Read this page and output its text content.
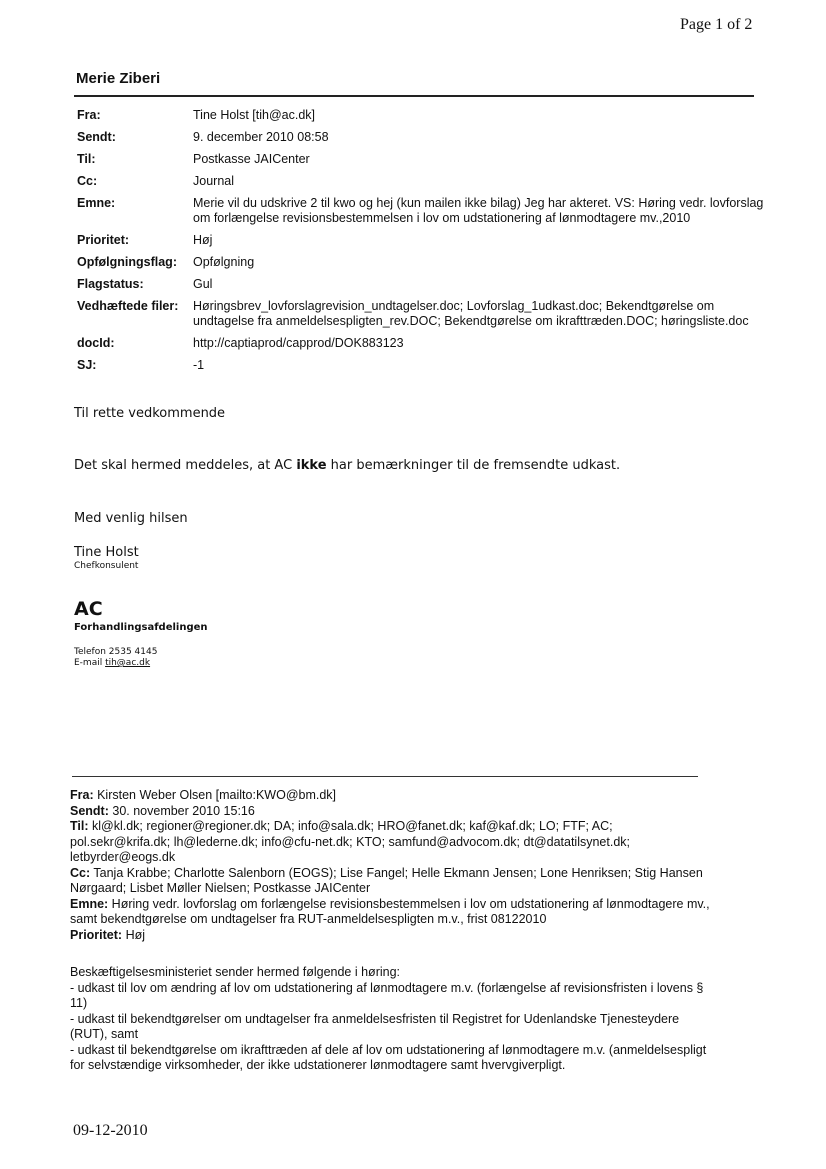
Page 1 of 2
Merie Ziberi
Fra:	Tine Holst [tih@ac.dk]
Sendt:	9. december 2010 08:58
Til:	Postkasse JAICenter
Cc:	Journal
Emne:	Merie vil du udskrive 2 til kwo og hej (kun mailen ikke bilag) Jeg har akteret. VS: Høring vedr. lovforslag om forlængelse revisionsbestemmelsen i lov om udstationering af lønmodtagere mv.,2010
Prioritet:	Høj
Opfølgningsflag:	Opfølgning
Flagstatus:	Gul
Vedhæftede filer:	Høringsbrev_lovforslagrevision_undtagelser.doc; Lovforslag_1udkast.doc; Bekendtgørelse om undtagelse fra anmeldelsespligten_rev.DOC; Bekendtgørelse om ikrafttræden.DOC; høringsliste.doc
docId:	http://captiaprod/capprod/DOK883123
SJ:	-1
Til rette vedkommende
Det skal hermed meddeles, at AC ikke har bemærkninger til de fremsendte udkast.
Med venlig hilsen
Tine Holst
Chefkonsulent
AC
Forhandlingsafdelingen
Telefon 2535 4145
E-mail tih@ac.dk

Fra: Kirsten Weber Olsen [mailto:KWO@bm.dk]

Sendt: 30. november 2010 15:16

Til: kl@kl.dk; regioner@regioner.dk; DA; info@sala.dk; HRO@fanet.dk; kaf@kaf.dk; LO; FTF; AC; pol.sekr@krifa.dk; lh@lederne.dk; info@cfu-net.dk; KTO; samfund@advocom.dk; dt@datatilsynet.dk; letbyrder@eogs.dk

Cc: Tanja Krabbe; Charlotte Salenborn (EOGS); Lise Fangel; Helle Ekmann Jensen; Lone Henriksen; Stig Hansen Nørgaard; Lisbet Møller Nielsen; Postkasse JAICenter

Emne: Høring vedr. lovforslag om forlængelse revisionsbestemmelsen i lov om udstationering af lønmodtagere mv., samt bekendtgørelse om undtagelser fra RUT-anmeldelsespligten m.v., frist 08122010

Prioritet: Høj

Beskæftigelsesministeriet sender hermed følgende i høring:

- udkast til lov om ændring af lov om udstationering af lønmodtagere m.v. (forlængelse af revisionsfristen i lovens § 11)

- udkast til bekendtgørelser om undtagelser fra anmeldelsesfristen til Registret for Udenlandske Tjenesteydere (RUT), samt

- udkast til bekendtgørelse om ikrafttræden af dele af lov om udstationering af lønmodtagere m.v. (anmeldelsespligt for selvstændige virksomheder, der ikke udstationerer lønmodtagere samt hvervgiverpligt.

09-12-2010
